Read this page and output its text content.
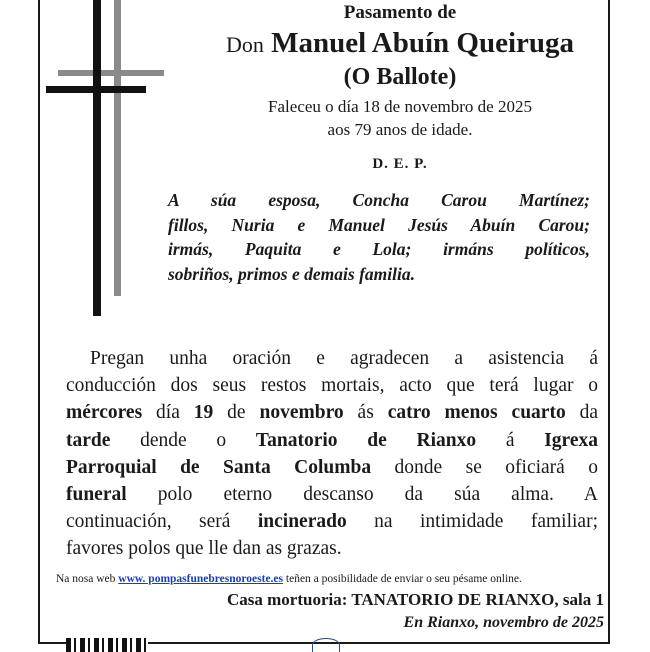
Pasamento de
Don Manuel Abuín Queiruga
(O Ballote)
Faleceu o día 18 de novembro de 2025
aos 79 anos de idade.
D. E. P.
A súa esposa, Concha Carou Martínez;
fillos, Nuria e Manuel Jesús Abuín Carou;
irmás, Paquita e Lola; irmáns políticos,
sobriños, primos e demais familia.
Pregan unha oración e agradecen a asistencia á
conducción dos seus restos mortais, acto que terá lugar o
mércores día 19 de novembro ás catro menos cuarto da
tarde dende o Tanatorio de Rianxo á Igrexa
Parroquial de Santa Columba donde se oficiará o
funeral polo eterno descanso da súa alma. A
continuación, será incinerado na intimidade familiar;
favores polos que lle dan as grazas.
Na nosa web www. pompasfunebresnoroeste.es teñen a posibilidade de enviar o seu pésame online.
Casa mortuoria: TANATORIO DE RIANXO, sala 1
En Rianxo, novembro de 2025
